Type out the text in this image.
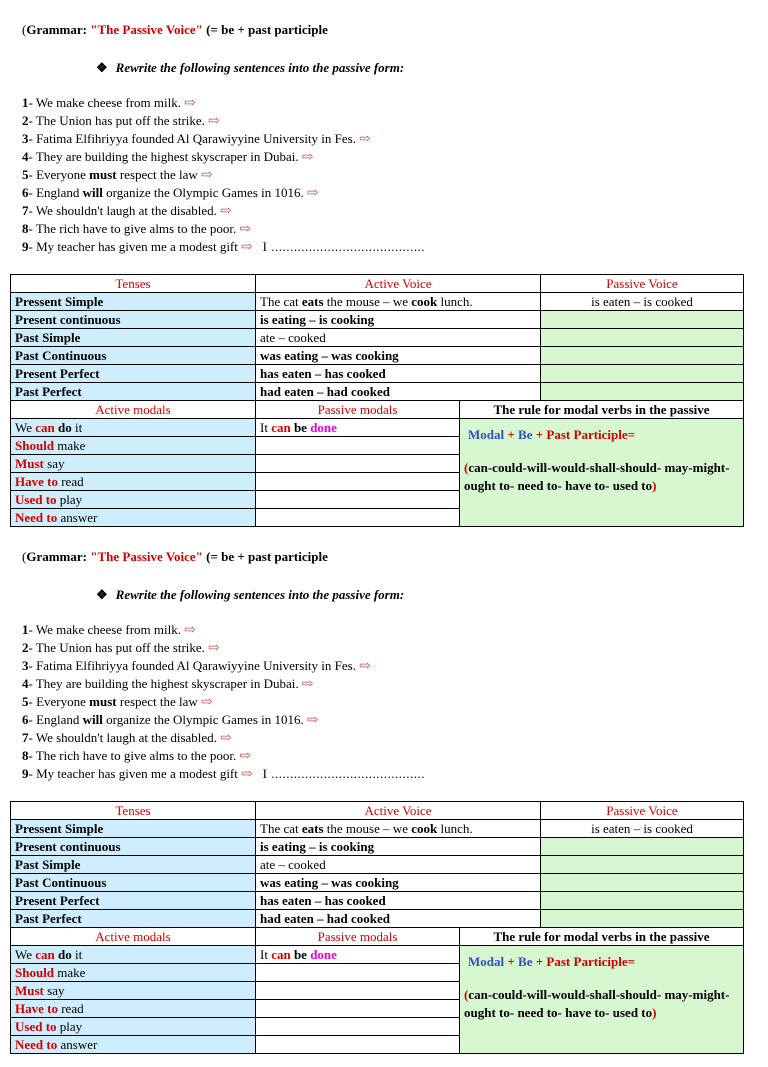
(Grammar: "The Passive Voice" (= be + past participle
❖ Rewrite the following sentences into the passive form:
1- We make cheese from milk. ⇨
2- The Union has put off the strike. ⇨
3- Fatima Elfihriyya founded Al Qarawiyyine University in Fes. ⇨
4- They are building the highest skyscraper in Dubai. ⇨
5- Everyone must respect the law ⇨
6- England will organize the Olympic Games in 1016. ⇨
7- We shouldn't laugh at the disabled. ⇨
8- The rich have to give alms to the poor. ⇨
9- My teacher has given me a modest gift ⇨ I .........................................
Tenses	Active Voice		Passive Voice
Pressent Simple	The cat eats the mouse – we cook lunch.		is eaten – is cooked
Present continuous	is eating – is cooking		
Past Simple	ate – cooked		
Past Continuous	was eating – was cooking		
Present Perfect	has eaten – has cooked		
Past Perfect	had eaten – had cooked		
Active modals	Passive modals	The rule for modal verbs in the passive	
We can do it	It can be done	Modal + Be + Past Participle=
(can-could-will-would-shall-should- may-might- ought to- need to- have to- used to)	

Should make			
Must say			
Have to read			
Used to play			
Need to answer			
(Grammar: "The Passive Voice" (= be + past participle
❖ Rewrite the following sentences into the passive form:
1- We make cheese from milk. ⇨
2- The Union has put off the strike. ⇨
3- Fatima Elfihriyya founded Al Qarawiyyine University in Fes. ⇨
4- They are building the highest skyscraper in Dubai. ⇨
5- Everyone must respect the law ⇨
6- England will organize the Olympic Games in 1016. ⇨
7- We shouldn't laugh at the disabled. ⇨
8- The rich have to give alms to the poor. ⇨
9- My teacher has given me a modest gift ⇨ I .........................................
Tenses	Active Voice		Passive Voice
Pressent Simple	The cat eats the mouse – we cook lunch.		is eaten – is cooked
Present continuous	is eating – is cooking		
Past Simple	ate – cooked		
Past Continuous	was eating – was cooking		
Present Perfect	has eaten – has cooked		
Past Perfect	had eaten – had cooked		
Active modals	Passive modals	The rule for modal verbs in the passive	
We can do it	It can be done	Modal + Be + Past Participle=
(can-could-will-would-shall-should- may-might- ought to- need to- have to- used to)	

Should make			
Must say			
Have to read			
Used to play			
Need to answer			
